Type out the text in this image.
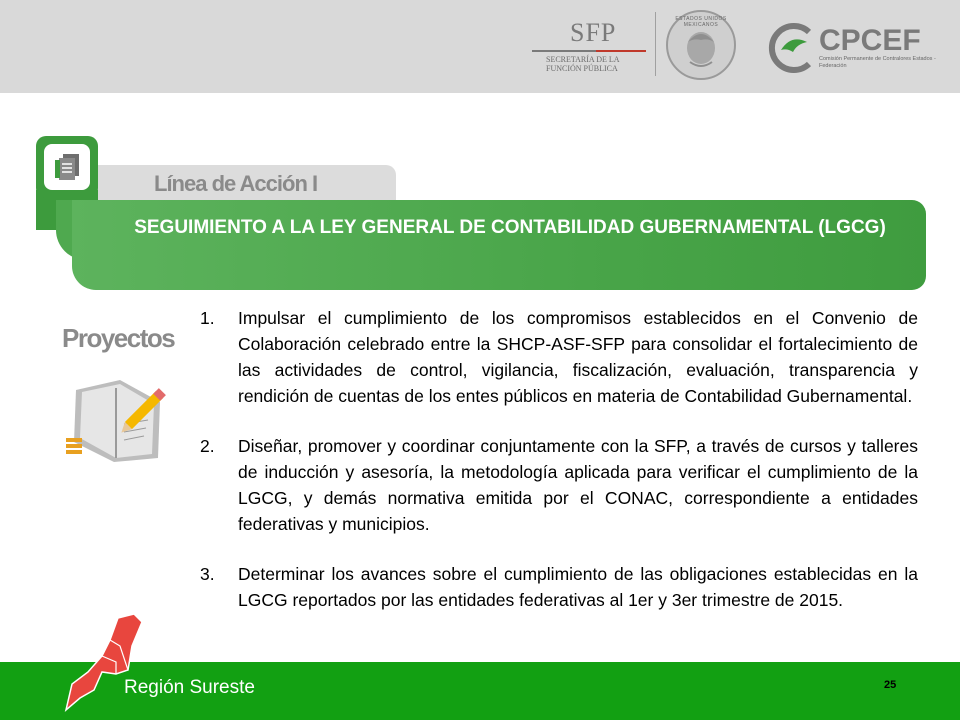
SFP
SECRETARÍA DE LA FUNCIÓN PÚBLICA
ESTADOS UNIDOS MEXICANOS	CPCEF
Comisión Permanente de Contralores Estados - Federación
Línea de Acción I
SEGUIMIENTO A LA LEY GENERAL DE CONTABILIDAD GUBERNAMENTAL (LGCG)
Proyectos
1.	Impulsar el cumplimiento de los compromisos establecidos en el Convenio de Colaboración celebrado entre la SHCP-ASF-SFP para consolidar el fortalecimiento de las actividades de control, vigilancia, fiscalización, evaluación, transparencia y rendición de cuentas de los entes públicos en materia de Contabilidad Gubernamental.
2.	Diseñar, promover y coordinar conjuntamente con la SFP, a través de cursos y talleres de inducción y asesoría, la metodología aplicada para verificar el cumplimiento de la LGCG, y demás normativa emitida por el CONAC, correspondiente a entidades federativas y municipios.
3.	Determinar los avances sobre el cumplimiento de las obligaciones establecidas en la LGCG reportados por las entidades federativas al 1er y 3er trimestre de 2015.
Región Sureste	25
